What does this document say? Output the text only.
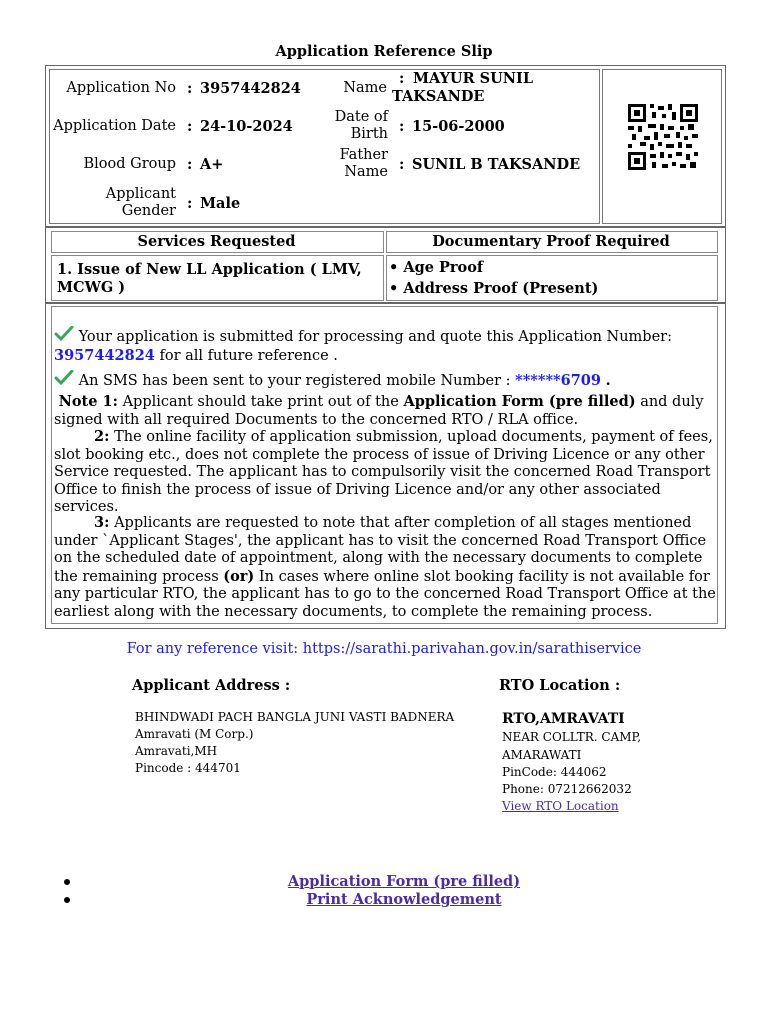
Application Reference Slip
Application No : 3957442824	Name
: MAYUR SUNIL TAKSANDE
Application Date : 24-10-2024
Date of Birth : 15-06-2000
Blood Group : A+
Father Name : SUNIL B TAKSANDE
Applicant Gender : Male
Services Requested	Documentary Proof Required
1. Issue of New LL Application ( LMV, MCWG )
• Age Proof
• Address Proof (Present)
Your application is submitted for processing and quote this Application Number: 3957442824 for all future reference .
An SMS has been sent to your registered mobile Number : ******6709 .
Note 1: Applicant should take print out of the Application Form (pre filled) and duly signed with all required Documents to the concerned RTO / RLA office.
2: The online facility of application submission, upload documents, payment of fees, slot booking etc., does not complete the process of issue of Driving Licence or any other Service requested. The applicant has to compulsorily visit the concerned Road Transport Office to finish the process of issue of Driving Licence and/or any other associated services.
3: Applicants are requested to note that after completion of all stages mentioned under `Applicant Stages', the applicant has to visit the concerned Road Transport Office on the scheduled date of appointment, along with the necessary documents to complete the remaining process (or) In cases where online slot booking facility is not available for any particular RTO, the applicant has to go to the concerned Road Transport Office at the earliest along with the necessary documents, to complete the remaining process.
For any reference visit: https://sarathi.parivahan.gov.in/sarathiservice
Applicant Address :
BHINDWADI PACH BANGLA JUNI VASTI BADNERA
Amravati (M Corp.)
Amravati,MH
Pincode : 444701
RTO Location :
RTO,AMRAVATI
NEAR COLLTR. CAMP,
AMARAWATI
PinCode: 444062
Phone: 07212662032
View RTO Location
Application Form (pre filled)
Print Acknowledgement
